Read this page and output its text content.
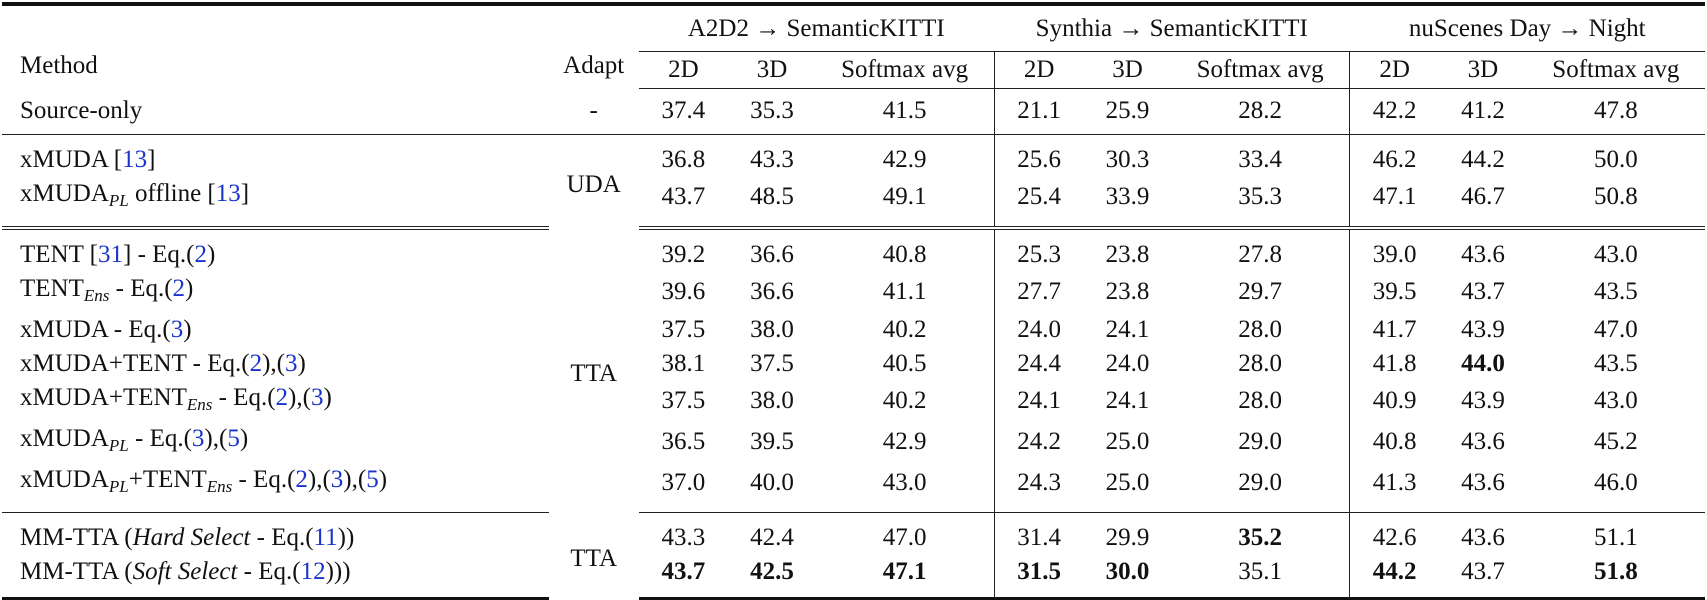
Method	Adapt	A2D2 → SemanticKITTI			Synthia → SemanticKITTI			nuScenes Day → Night		
		2D	3D	Softmax avg	2D	3D	Softmax avg	2D	3D	Softmax avg
Source-only	-	37.4	35.3	41.5	21.1	25.9	28.2	42.2	41.2	47.8
xMUDA [13]	UDA	36.8	43.3	42.9	25.6	30.3	33.4	46.2	44.2	50.0
xMUDA$_{PL}$ offline [13]		43.7	48.5	49.1	25.4	33.9	35.3	47.1	46.7	50.8
TENT [31] - Eq.(2)	TTA	39.2	36.6	40.8	25.3	23.8	27.8	39.0	43.6	43.0
$TENT_{Ens} - Eq.(2)$		39.6	36.6	41.1	27.7	23.8	29.7	39.5	43.7	43.5
xMUDA - Eq.(3)		37.5	38.0	40.2	24.0	24.1	28.0	41.7	43.9	47.0
xMUDA+TENT - Eq.(2),(3)		38.1	37.5	40.5	24.4	24.0	28.0	41.8	44.0	43.5
$xMUDA+TENT_{Ens} - Eq.(2),(3)$		37.5	38.0	40.2	24.1	24.1	28.0	40.9	43.9	43.0
xMUDA$_{PL}$ - Eq.(3),(5)		36.5	39.5	42.9	24.2	25.0	29.0	40.8	43.6	45.2
$xMUDA_{PL}+TENT_{Ens} - Eq.(2),(3),(5)$		37.0	40.0	43.0	24.3	25.0	29.0	41.3	43.6	46.0
MM-TTA (Hard Select - Eq.(11))	TTA	43.3	42.4	47.0	31.4	29.9	35.2	42.6	43.6	51.1
MM-TTA (Soft Select - Eq.(12)))		43.7	42.5	47.1	31.5	30.0	35.1	44.2	43.7	51.8
